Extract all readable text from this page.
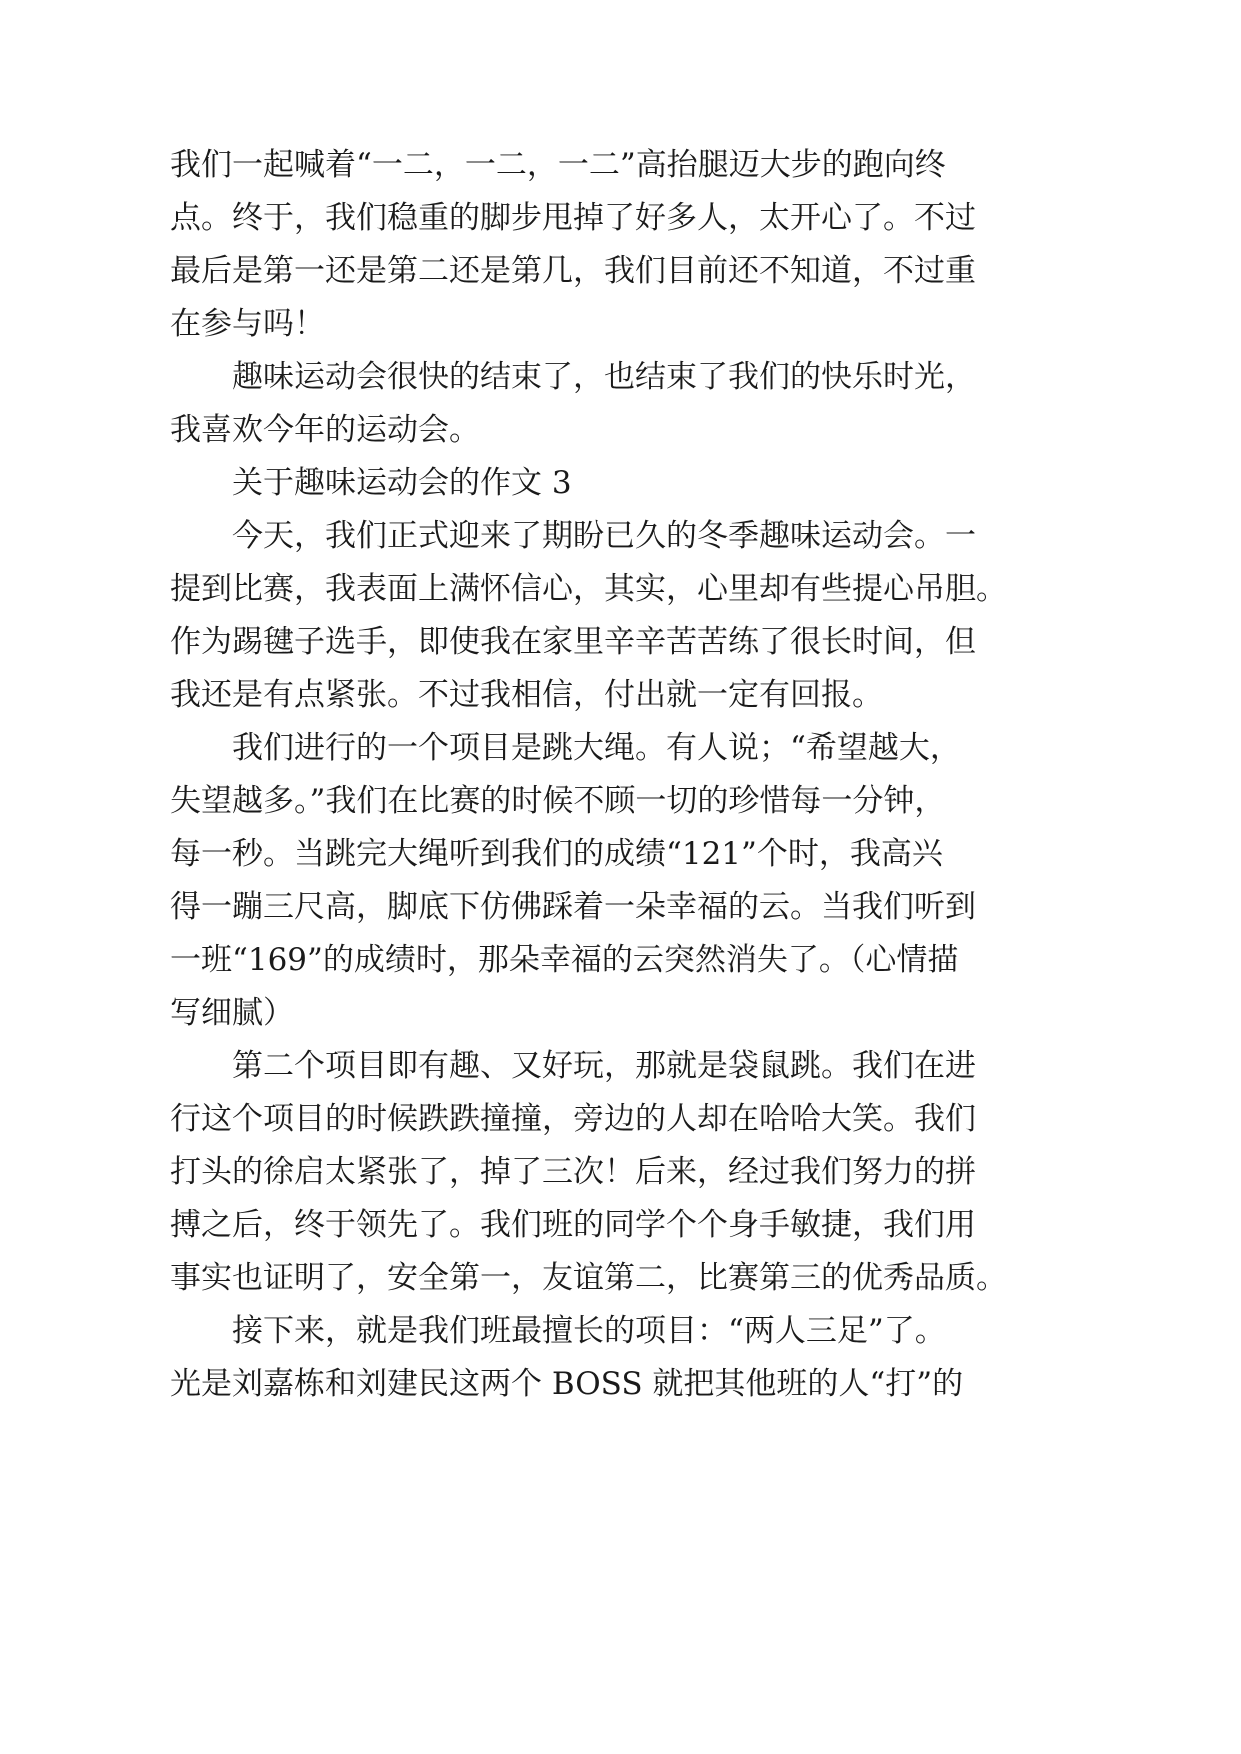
我们一起喊着“一二，一二，一二”高抬腿迈大步的跑向终
点。终于，我们稳重的脚步甩掉了好多人，太开心了。不过
最后是第一还是第二还是第几，我们目前还不知道，不过重
在参与吗！
趣味运动会很快的结束了，也结束了我们的快乐时光，
我喜欢今年的运动会。
关于趣味运动会的作文 3
今天，我们正式迎来了期盼已久的冬季趣味运动会。一
提到比赛，我表面上满怀信心，其实，心里却有些提心吊胆。
作为踢毽子选手，即使我在家里辛辛苦苦练了很长时间，但
我还是有点紧张。不过我相信，付出就一定有回报。
我们进行的一个项目是跳大绳。有人说；“希望越大，
失望越多。”我们在比赛的时候不顾一切的珍惜每一分钟，
每一秒。当跳完大绳听到我们的成绩“121”个时，我高兴
得一蹦三尺高，脚底下仿佛踩着一朵幸福的云。当我们听到
一班“169”的成绩时，那朵幸福的云突然消失了。（心情描
写细腻）
第二个项目即有趣、又好玩，那就是袋鼠跳。我们在进
行这个项目的时候跌跌撞撞，旁边的人却在哈哈大笑。我们
打头的徐启太紧张了，掉了三次！后来，经过我们努力的拼
搏之后，终于领先了。我们班的同学个个身手敏捷，我们用
事实也证明了，安全第一，友谊第二，比赛第三的优秀品质。
接下来，就是我们班最擅长的项目：“两人三足”了。
光是刘嘉栋和刘建民这两个 BOSS 就把其他班的人“打”的
